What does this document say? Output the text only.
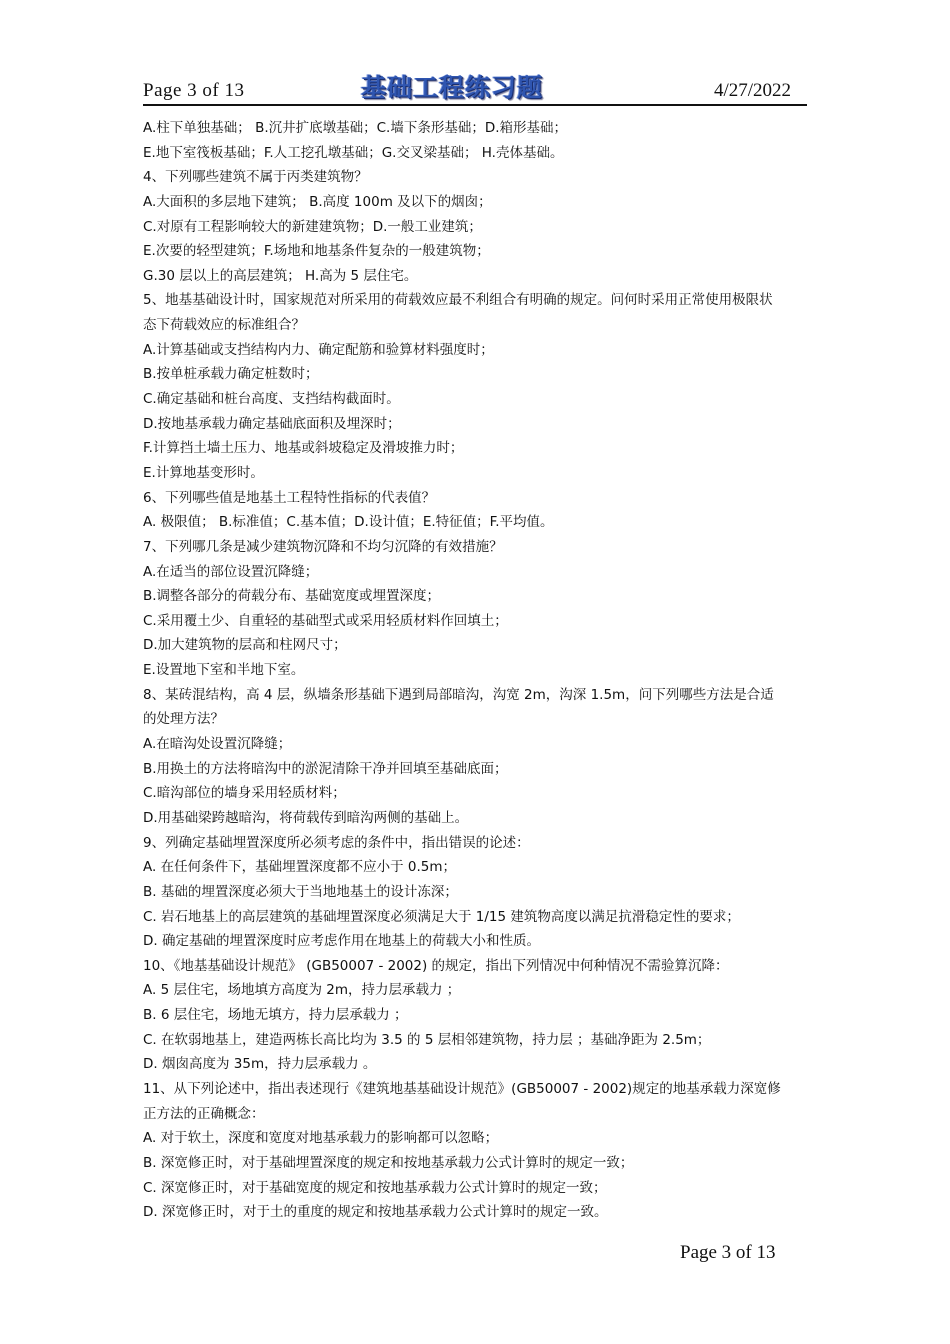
Page 3 of 13	基础工程练习题	4/27/2022
A.柱下单独基础； B.沉井扩底墩基础；C.墙下条形基础；D.箱形基础；
E.地下室筏板基础；F.人工挖孔墩基础；G.交叉梁基础； H.壳体基础。
4、下列哪些建筑不属于丙类建筑物？
A.大面积的多层地下建筑； B.高度 100m 及以下的烟囱；
C.对原有工程影响较大的新建建筑物；D.一般工业建筑；
E.次要的轻型建筑；F.场地和地基条件复杂的一般建筑物；
G.30 层以上的高层建筑； H.高为 5 层住宅。
5、地基基础设计时，国家规范对所采用的荷载效应最不利组合有明确的规定。问何时采用正常使用极限状
态下荷载效应的标准组合？
A.计算基础或支挡结构内力、确定配筋和验算材料强度时；
B.按单桩承载力确定桩数时；
C.确定基础和桩台高度、支挡结构截面时。
D.按地基承载力确定基础底面积及埋深时；
F.计算挡土墙土压力、地基或斜坡稳定及滑坡推力时；
E.计算地基变形时。
6、下列哪些值是地基土工程特性指标的代表值？
A. 极限值； B.标准值；C.基本值；D.设计值；E.特征值；F.平均值。
7、下列哪几条是减少建筑物沉降和不均匀沉降的有效措施？
A.在适当的部位设置沉降缝；
B.调整各部分的荷载分布、基础宽度或埋置深度；
C.采用覆土少、自重轻的基础型式或采用轻质材料作回填土；
D.加大建筑物的层高和柱网尺寸；
E.设置地下室和半地下室。
8、某砖混结构，高 4 层，纵墙条形基础下遇到局部暗沟，沟宽 2m，沟深 1.5m，问下列哪些方法是合适
的处理方法？
A.在暗沟处设置沉降缝；
B.用换土的方法将暗沟中的淤泥清除干净并回填至基础底面；
C.暗沟部位的墙身采用轻质材料；
D.用基础梁跨越暗沟，将荷载传到暗沟两侧的基础上。
9、列确定基础埋置深度所必须考虑的条件中，指出错误的论述：
A. 在任何条件下，基础埋置深度都不应小于 0.5m；
B. 基础的埋置深度必须大于当地地基土的设计冻深；
C. 岩石地基上的高层建筑的基础埋置深度必须满足大于 1/15 建筑物高度以满足抗滑稳定性的要求；
D. 确定基础的埋置深度时应考虑作用在地基上的荷载大小和性质。
10、《地基基础设计规范》 (GB50007 - 2002) 的规定，指出下列情况中何种情况不需验算沉降：
A. 5 层住宅，场地填方高度为 2m，持力层承载力 ；
B. 6 层住宅，场地无填方，持力层承载力 ；
C. 在软弱地基上，建造两栋长高比均为 3.5 的 5 层相邻建筑物，持力层 ；基础净距为 2.5m；
D. 烟囱高度为 35m，持力层承载力 。
11、从下列论述中，指出表述现行《建筑地基基础设计规范》(GB50007 - 2002)规定的地基承载力深宽修
正方法的正确概念：
A. 对于软土，深度和宽度对地基承载力的影响都可以忽略；
B. 深宽修正时，对于基础埋置深度的规定和按地基承载力公式计算时的规定一致；
C. 深宽修正时，对于基础宽度的规定和按地基承载力公式计算时的规定一致；
D. 深宽修正时，对于土的重度的规定和按地基承载力公式计算时的规定一致。
Page 3 of 13
